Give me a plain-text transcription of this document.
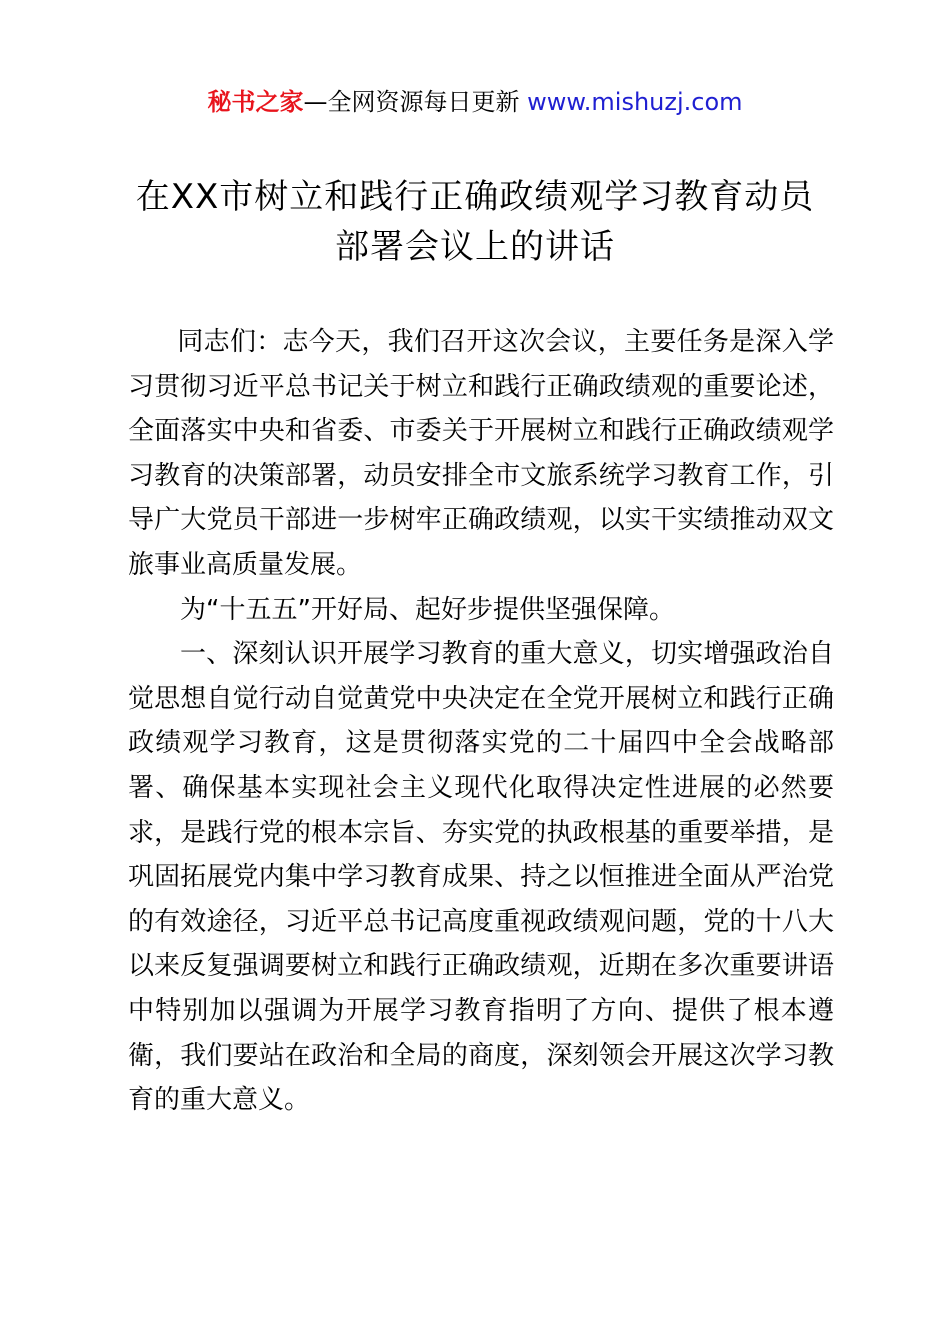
秘书之家—全网资源每日更新 www.mishuzj.com
在XX市树立和践行正确政绩观学习教育动员
部署会议上的讲话

同志们：志今天，我们召开这次会议，主要任务是深入学习贯彻习近平总书记关于树立和践行正确政绩观的重要论述，全面落实中央和省委、市委关于开展树立和践行正确政绩观学习教育的决策部署，动员安排全市文旅系统学习教育工作，引导广大党员干部进一步树牢正确政绩观，以实干实绩推动双文旅事业高质量发展。

为“十五五”开好局、起好步提供坚强保障。

一、深刻认识开展学习教育的重大意义，切实增强政治自觉思想自觉行动自觉黄党中央决定在全党开展树立和践行正确政绩观学习教育，这是贯彻落实党的二十届四中全会战略部署、确保基本实现社会主义现代化取得决定性进展的必然要求，是践行党的根本宗旨、夯实党的执政根基的重要举措，是巩固拓展党内集中学习教育成果、持之以恒推进全面从严治党的有效途径，习近平总书记高度重视政绩观问题，党的十八大以来反复强调要树立和践行正确政绩观，近期在多次重要讲语中特别加以强调为开展学习教育指明了方向、提供了根本遵衛，我们要站在政治和全局的商度，深刻领会开展这次学习教育的重大意义。
